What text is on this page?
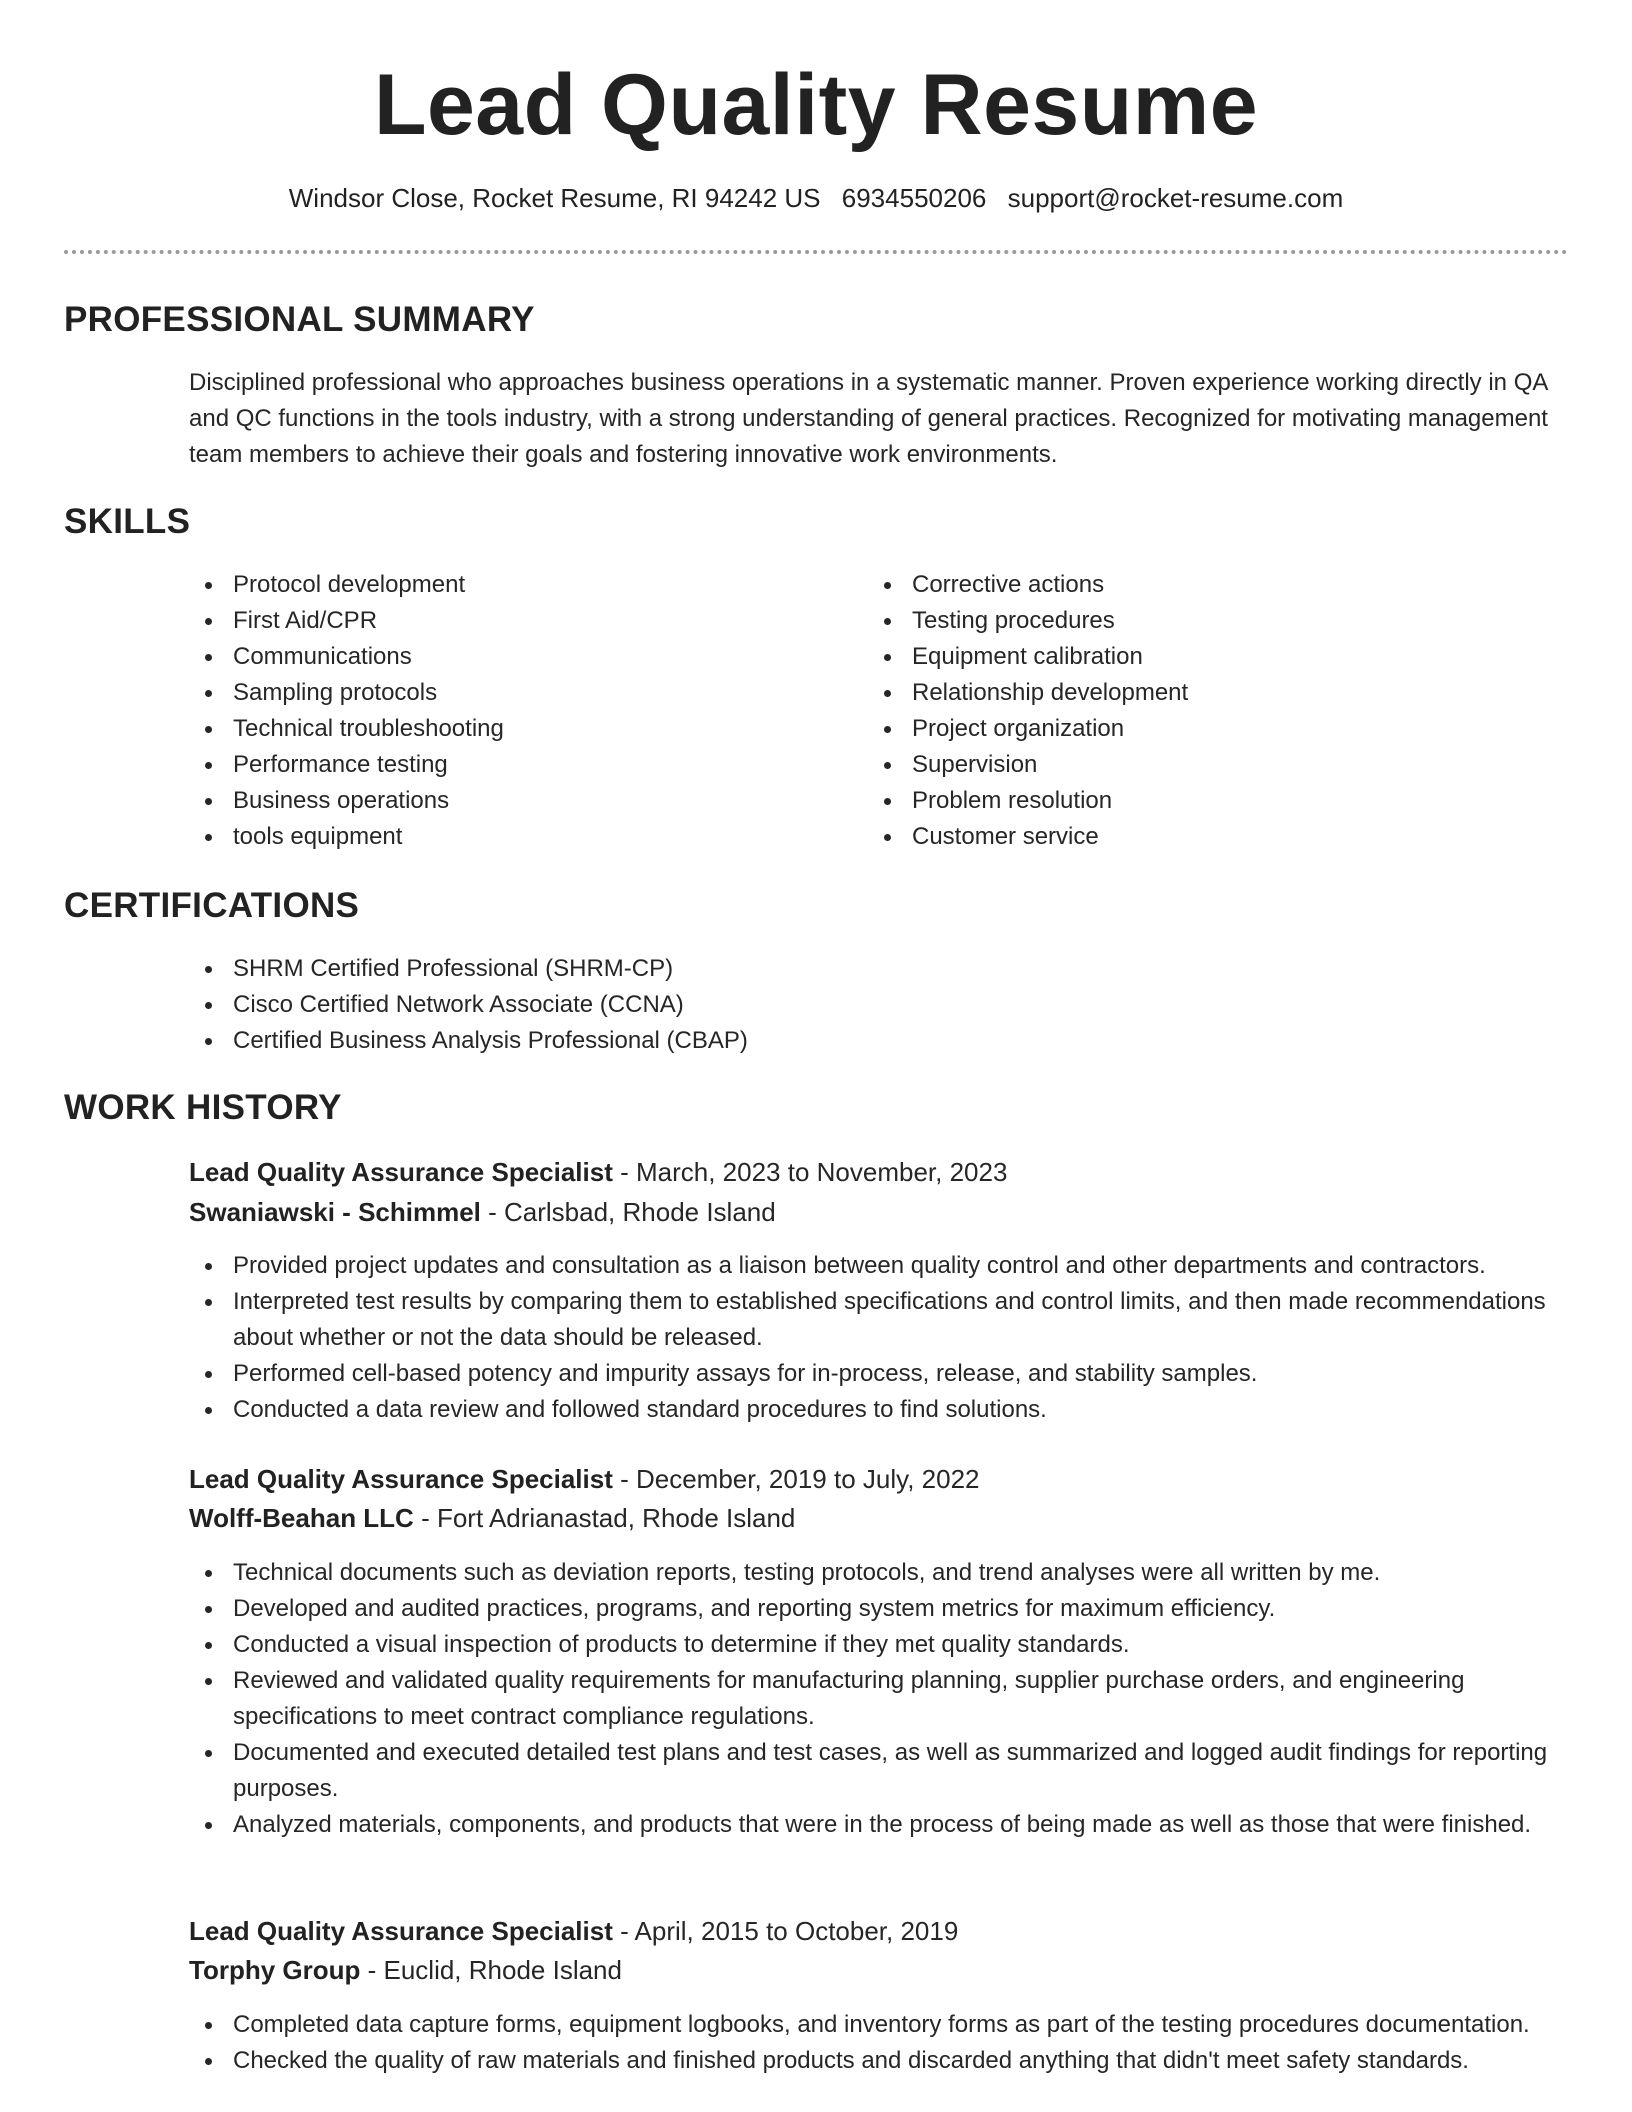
Lead Quality Resume
Windsor Close, Rocket Resume, RI 94242 US 6934550206 support@rocket-resume.com
PROFESSIONAL SUMMARY
Disciplined professional who approaches business operations in a systematic manner. Proven experience working directly in QA and QC functions in the tools industry, with a strong understanding of general practices. Recognized for motivating management team members to achieve their goals and fostering innovative work environments.
SKILLS
Protocol development
First Aid/CPR
Communications
Sampling protocols
Technical troubleshooting
Performance testing
Business operations
tools equipment
Corrective actions
Testing procedures
Equipment calibration
Relationship development
Project organization
Supervision
Problem resolution
Customer service
CERTIFICATIONS
SHRM Certified Professional (SHRM-CP)
Cisco Certified Network Associate (CCNA)
Certified Business Analysis Professional (CBAP)
WORK HISTORY
Lead Quality Assurance Specialist - March, 2023 to November, 2023
Swaniawski - Schimmel - Carlsbad, Rhode Island
Provided project updates and consultation as a liaison between quality control and other departments and contractors.
Interpreted test results by comparing them to established specifications and control limits, and then made recommendations about whether or not the data should be released.
Performed cell-based potency and impurity assays for in-process, release, and stability samples.
Conducted a data review and followed standard procedures to find solutions.
Lead Quality Assurance Specialist - December, 2019 to July, 2022
Wolff-Beahan LLC - Fort Adrianastad, Rhode Island
Technical documents such as deviation reports, testing protocols, and trend analyses were all written by me.
Developed and audited practices, programs, and reporting system metrics for maximum efficiency.
Conducted a visual inspection of products to determine if they met quality standards.
Reviewed and validated quality requirements for manufacturing planning, supplier purchase orders, and engineering specifications to meet contract compliance regulations.
Documented and executed detailed test plans and test cases, as well as summarized and logged audit findings for reporting purposes.
Analyzed materials, components, and products that were in the process of being made as well as those that were finished.
Lead Quality Assurance Specialist - April, 2015 to October, 2019
Torphy Group - Euclid, Rhode Island
Completed data capture forms, equipment logbooks, and inventory forms as part of the testing procedures documentation.
Checked the quality of raw materials and finished products and discarded anything that didn't meet safety standards.
